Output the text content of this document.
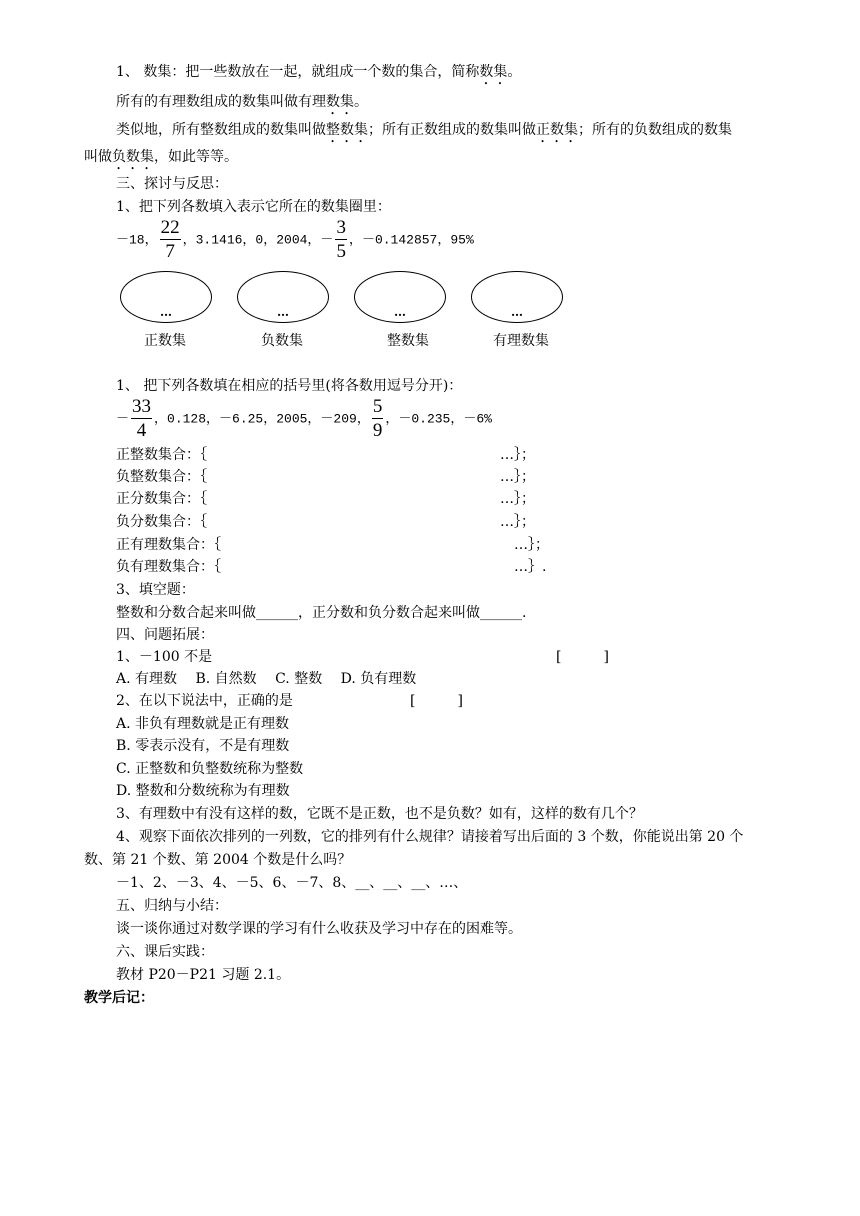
1、 数集：把一些数放在一起，就组成一个数的集合，简称数集。
所有的有理数组成的数集叫做有理数集。
类似地，所有整数组成的数集叫做整数集；所有正数组成的数集叫做正数集；所有的负数组成的数集
叫做负数集，如此等等。
三、探讨与反思：
1、把下列各数填入表示它所在的数集圈里：
－18， $\frac{22}{7}$ ，3.1416，0，2004，－ $\frac{3}{5}$ ，－0.142857，95%
…	…	…	…
正数集	负数集	整数集	有理数集
1、 把下列各数填在相应的括号里(将各数用逗号分开)：
－ $\frac{33}{4}$ ，0.128，－6.25，2005，－209， $\frac{5}{9}$ ，－0.235，－6%
正整数集合：｛	…｝；
负整数集合：｛	…｝；
正分数集合：｛	…｝；
负分数集合：｛	…｝；
正有理数集合：｛	…｝；
负有理数集合：｛	…｝.
3、填空题：
整数和分数合起来叫做______，正分数和负分数合起来叫做______.
四、问题拓展：
1、－100 不是	[　　　]
A. 有理数　 B. 自然数　 C. 整数　 D. 负有理数
2、在以下说法中，正确的是	[　　　]
A. 非负有理数就是正有理数
B. 零表示没有，不是有理数
C. 正整数和负整数统称为整数
D. 整数和分数统称为有理数
3、有理数中有没有这样的数，它既不是正数，也不是负数？如有，这样的数有几个？
4、观察下面依次排列的一列数，它的排列有什么规律？请接着写出后面的 3 个数，你能说出第 20 个
数、第 21 个数、第 2004 个数是什么吗？
－1、2、－3、4、－5、6、－7、8、__、__、__、…、
五、归纳与小结：
谈一谈你通过对数学课的学习有什么收获及学习中存在的困难等。
六、课后实践：
教材 P20－P21 习题 2.1。
教学后记：
